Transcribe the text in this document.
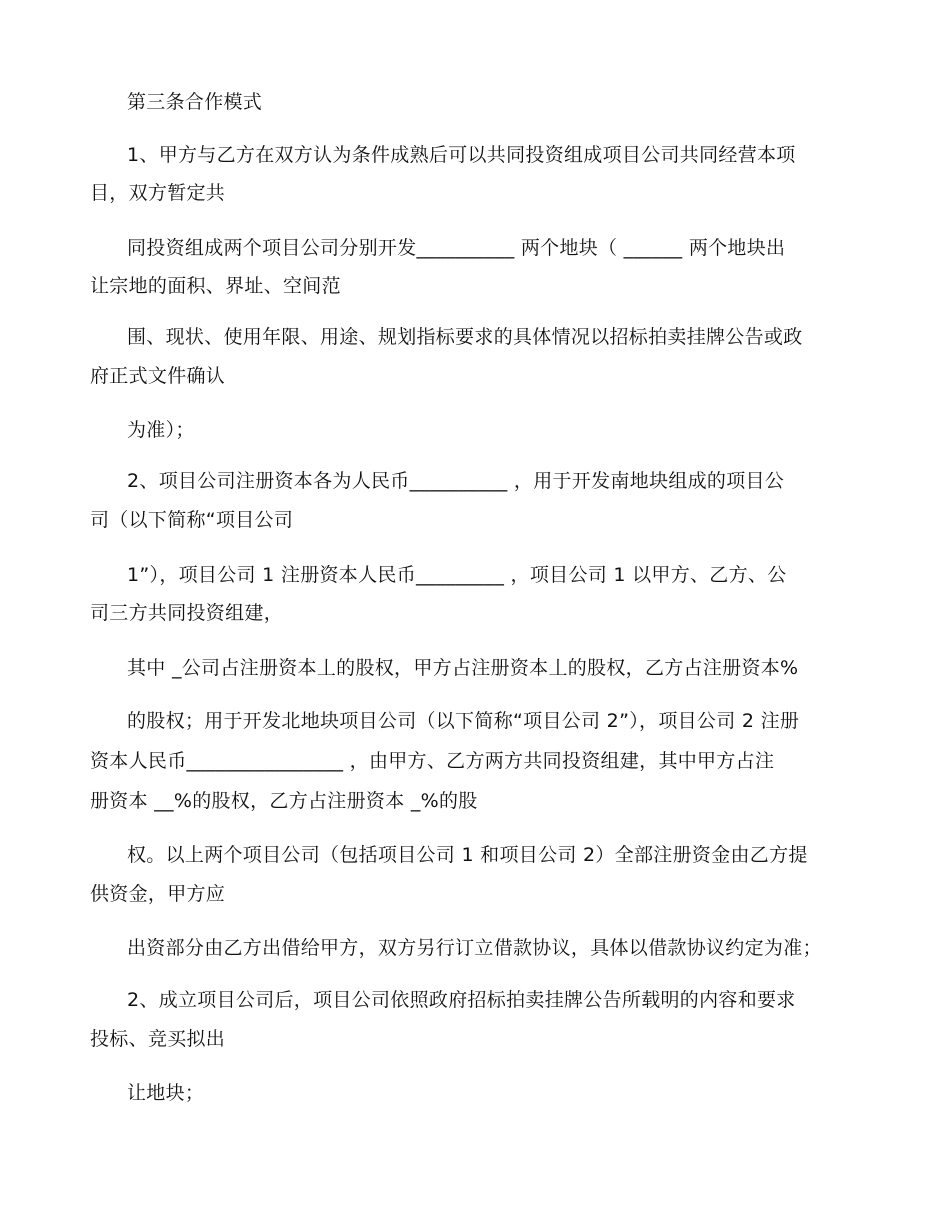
第三条合作模式
1、甲方与乙方在双方认为条件成熟后可以共同投资组成项目公司共同经营本项
目，双方暂定共
同投资组成两个项目公司分别开发__________ 两个地块（ ______ 两个地块出
让宗地的面积、界址、空间范
围、现状、使用年限、用途、规划指标要求的具体情况以招标拍卖挂牌公告或政
府正式文件确认
为准）；
2、项目公司注册资本各为人民币__________ ，用于开发南地块组成的项目公
司（以下简称“项目公司
1”），项目公司 1 注册资本人民币_________ ，项目公司 1 以甲方、乙方、公
司三方共同投资组建，
其中 _公司占注册资本丄的股权，甲方占注册资本丄的股权，乙方占注册资本%
的股权；用于开发北地块项目公司（以下简称“项目公司 2”），项目公司 2 注册
资本人民币________________ ，由甲方、乙方两方共同投资组建，其中甲方占注
册资本 __%的股权，乙方占注册资本 _%的股
权。以上两个项目公司（包括项目公司 1 和项目公司 2）全部注册资金由乙方提
供资金，甲方应
出资部分由乙方出借给甲方，双方另行订立借款协议，具体以借款协议约定为准；
2、成立项目公司后，项目公司依照政府招标拍卖挂牌公告所载明的内容和要求
投标、竞买拟出
让地块；
